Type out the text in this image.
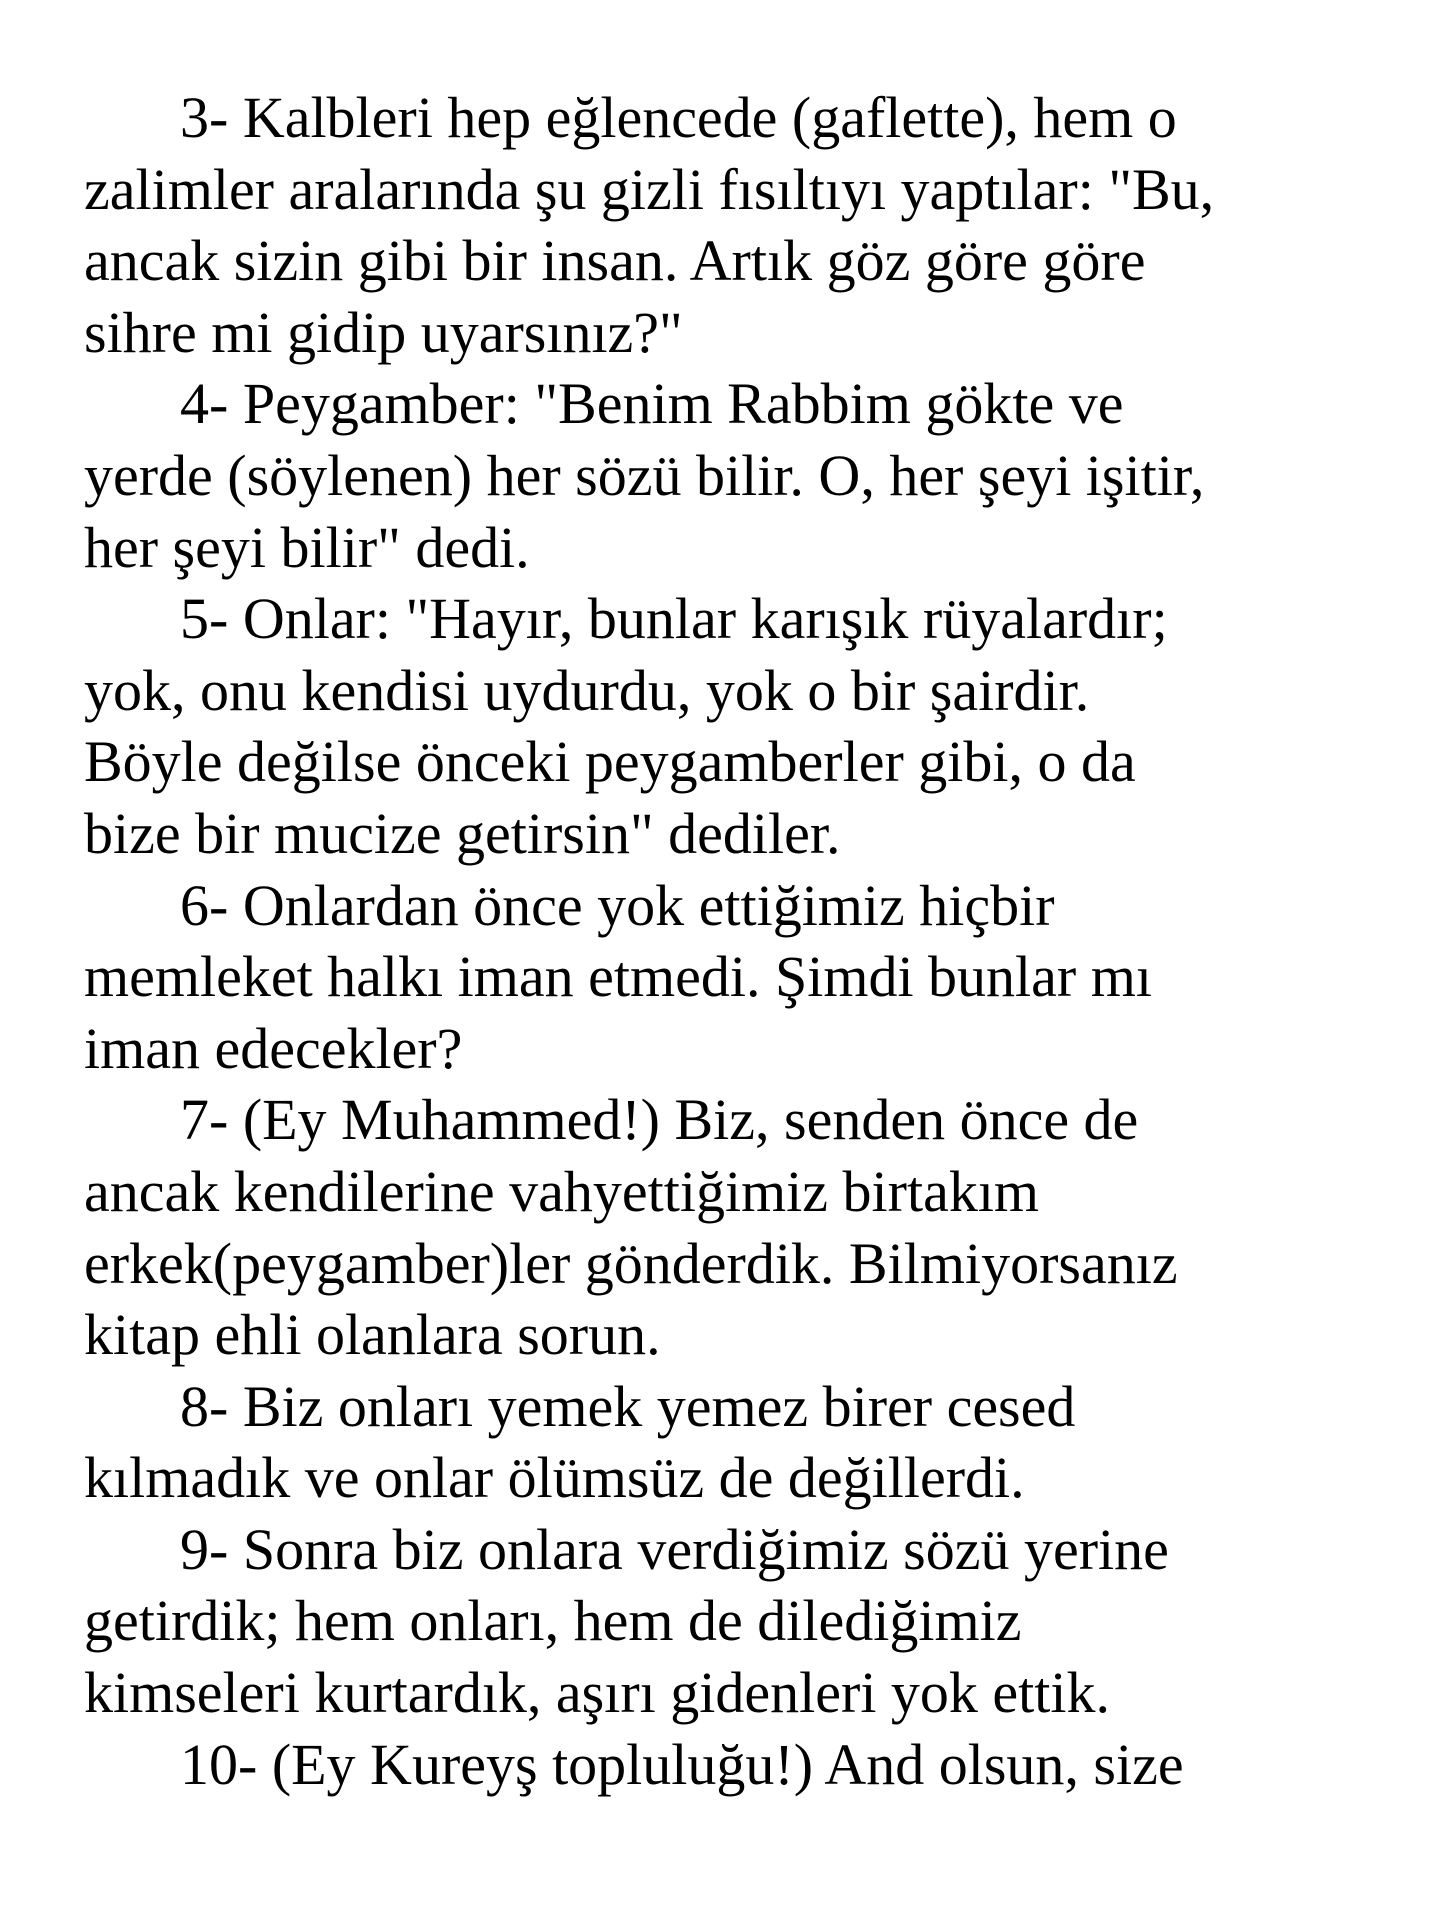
3- Kalbleri hep eğlencede (gaflette), hem o
zalimler aralarında şu gizli fısıltıyı yaptılar: "Bu,
ancak sizin gibi bir insan. Artık göz göre göre
sihre mi gidip uyarsınız?"

4- Peygamber: "Benim Rabbim gökte ve
yerde (söylenen) her sözü bilir. O, her şeyi işitir,
her şeyi bilir" dedi.

5- Onlar: "Hayır, bunlar karışık rüyalardır;
yok, onu kendisi uydurdu, yok o bir şairdir.
Böyle değilse önceki peygamberler gibi, o da
bize bir mucize getirsin" dediler.

6- Onlardan önce yok ettiğimiz hiçbir
memleket halkı iman etmedi. Şimdi bunlar mı
iman edecekler?

7- (Ey Muhammed!) Biz, senden önce de
ancak kendilerine vahyettiğimiz birtakım
erkek(peygamber)ler gönderdik. Bilmiyorsanız
kitap ehli olanlara sorun.

8- Biz onları yemek yemez birer cesed
kılmadık ve onlar ölümsüz de değillerdi.

9- Sonra biz onlara verdiğimiz sözü yerine
getirdik; hem onları, hem de dilediğimiz
kimseleri kurtardık, aşırı gidenleri yok ettik.

10- (Ey Kureyş topluluğu!) And olsun, size
